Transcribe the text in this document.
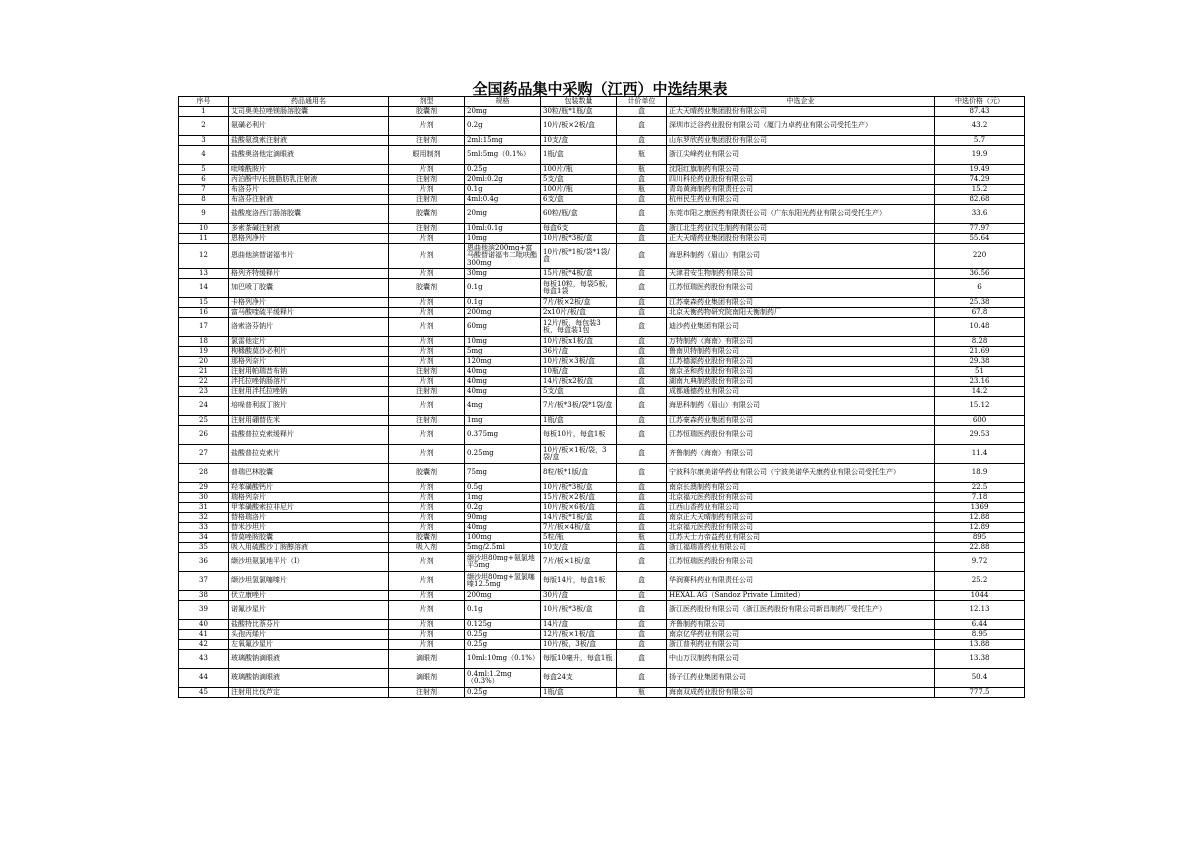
全国药品集中采购（江西）中选结果表
序号	药品通用名	剂型	规格	包装数量	计价单位	中选企业	中选价格（元）
1	艾司奥美拉唑镁肠溶胶囊	胶囊剂	20mg	30粒/瓶*1瓶/盒	盒	正大天晴药业集团股份有限公司	87.43
2	氨磺必利片	片剂	0.2g	10片/板×2板/盒	盒	深圳市泛谷药业股份有限公司（厦门力卓药业有限公司受托生产）	43.2
3	盐酸氨溴索注射液	注射剂	2ml:15mg	10支/盒	盒	山东罗欣药业集团股份有限公司	5.7
4	盐酸奥洛他定滴眼液	眼用制剂	5ml:5mg（0.1%）	1瓶/盒	瓶	浙江尖峰药业有限公司	19.9
5	吡嗪酰胺片	片剂	0.25g	100片/瓶	瓶	沈阳红旗制药有限公司	19.49
6	丙泊酚中/长链脂肪乳注射液	注射剂	20ml:0.2g	5支/盒	盒	四川科伦药业股份有限公司	74.29
7	布洛芬片	片剂	0.1g	100片/瓶	瓶	青岛黄海制药有限责任公司	15.2
8	布洛芬注射液	注射剂	4ml:0.4g	6支/盒	盒	杭州民生药业有限公司	82.68
9	盐酸度洛西汀肠溶胶囊	胶囊剂	20mg	60粒/瓶/盒	盒	东莞市阳之康医药有限责任公司（广东东阳光药业有限公司受托生产）	33.6
10	多索茶碱注射液	注射剂	10ml:0.1g	每盒6支	盒	浙江北生药业汉生制药有限公司	77.97
11	恩格列净片	片剂	10mg	10片/板*3板/盒	盒	正大天晴药业集团股份有限公司	55.64
12	恩曲他滨替诺福韦片	片剂	恩曲他滨200mg+富马酸替诺福韦二吡呋酯300mg	10片/板*1板/袋*1袋/盒	盒	海思科制药（眉山）有限公司	220
13	格列齐特缓释片	片剂	30mg	15片/板*4板/盒	盒	天津君安生物制药有限公司	36.56
14	加巴喷丁胶囊	胶囊剂	0.1g	每板10粒，每袋5板，每盒1袋	盒	江苏恒瑞医药股份有限公司	6
15	卡格列净片	片剂	0.1g	7片/板×2板/盒	盒	江苏豪森药业集团有限公司	25.38
16	富马酸喹硫平缓释片	片剂	200mg	2x10片/板/盒	盒	北京天衡药物研究院南阳天衡制药厂	67.8
17	洛索洛芬钠片	片剂	60mg	12片/板，每包装3板，每盒装1包	盒	迪沙药业集团有限公司	10.48
18	氯雷他定片	片剂	10mg	10片/板x1板/盒	盒	万特制药（海南）有限公司	8.28
19	枸橼酸莫沙必利片	片剂	5mg	36片/盒	盒	鲁南贝特制药有限公司	21.69
20	那格列奈片	片剂	120mg	10片/板×3板/盒	盒	江苏德源药业股份有限公司	29.38
21	注射用帕瑞昔布钠	注射剂	40mg	10瓶/盒	盒	南京圣和药业股份有限公司	51
22	泮托拉唑钠肠溶片	片剂	40mg	14片/板x2板/盒	盒	湖南九典制药股份有限公司	23.16
23	注射用泮托拉唑钠	注射剂	40mg	5支/盒	盒	成都通德药业有限公司	14.2
24	培哚普利叔丁胺片	片剂	4mg	7片/板*3板/袋*1袋/盒	盒	海思科制药（眉山）有限公司	15.12
25	注射用硼替佐米	注射剂	1mg	1瓶/盒	盒	江苏豪森药业集团有限公司	600
26	盐酸普拉克索缓释片	片剂	0.375mg	每板10片，每盒1板	盒	江苏恒瑞医药股份有限公司	29.53
27	盐酸普拉克索片	片剂	0.25mg	10片/板×1板/袋，3袋/盒	盒	齐鲁制药（海南）有限公司	11.4
28	普瑞巴林胶囊	胶囊剂	75mg	8粒/板*1版/盒	盒	宁波科尔康美诺华药业有限公司（宁波美诺华天康药业有限公司受托生产）	18.9
29	羟苯磺酸钙片	片剂	0.5g	10片/板*3板/盒	盒	南京长澳制药有限公司	22.5
30	瑞格列奈片	片剂	1mg	15片/板×2板/盒	盒	北京福元医药股份有限公司	7.18
31	甲苯磺酸索拉非尼片	片剂	0.2g	10片/板×6板/盒	盒	江西山香药业有限公司	1369
32	替格瑞洛片	片剂	90mg	14片/板*1板/盒	盒	南京正大天晴制药有限公司	12.88
33	替米沙坦片	片剂	40mg	7片/板×4板/盒	盒	北京福元医药股份有限公司	12.89
34	替莫唑胺胶囊	胶囊剂	100mg	5粒/瓶	瓶	江苏天士力帝益药业有限公司	895
35	吸入用硫酸沙丁胺醇溶液	吸入剂	5mg/2.5ml	10支/盒	盒	浙江福瑞喜药业有限公司	22.88
36	缬沙坦氨氯地平片（Ⅰ）	片剂	缬沙坦80mg+氨氯地平5mg	7片/板×1板/盒	盒	江苏恒瑞医药股份有限公司	9.72
37	缬沙坦氢氯噻嗪片	片剂	缬沙坦80mg+氢氯噻嗪12.5mg	每版14片，每盒1板	盒	华润赛科药业有限责任公司	25.2
38	伏立康唑片	片剂	200mg	30片/盒	盒	HEXAL AG（Sandoz Private Limited）	1044
39	诺氟沙星片	片剂	0.1g	10片/板*3板/盒	盒	浙江医药股份有限公司（浙江医药股份有限公司新昌制药厂受托生产）	12.13
40	盐酸特比萘芬片	片剂	0.125g	14片/盒	盒	齐鲁制药有限公司	6.44
41	头孢丙烯片	片剂	0.25g	12片/板×1板/盒	盒	南京亿华药业有限公司	8.95
42	左氧氟沙星片	片剂	0.25g	10片/板，3板/盒	盒	浙江普利药业有限公司	13.88
43	玻璃酸钠滴眼液	滴眼剂	10ml:10mg（0.1%）	每版10毫升，每盒1瓶	盒	中山万汉制药有限公司	13.38
44	玻璃酸钠滴眼液	滴眼剂	0.4ml:1.2mg（0.3%）	每盒24支	盒	扬子江药业集团有限公司	50.4
45	注射用比伐芦定	注射剂	0.25g	1瓶/盒	瓶	海南双成药业股份有限公司	777.5
